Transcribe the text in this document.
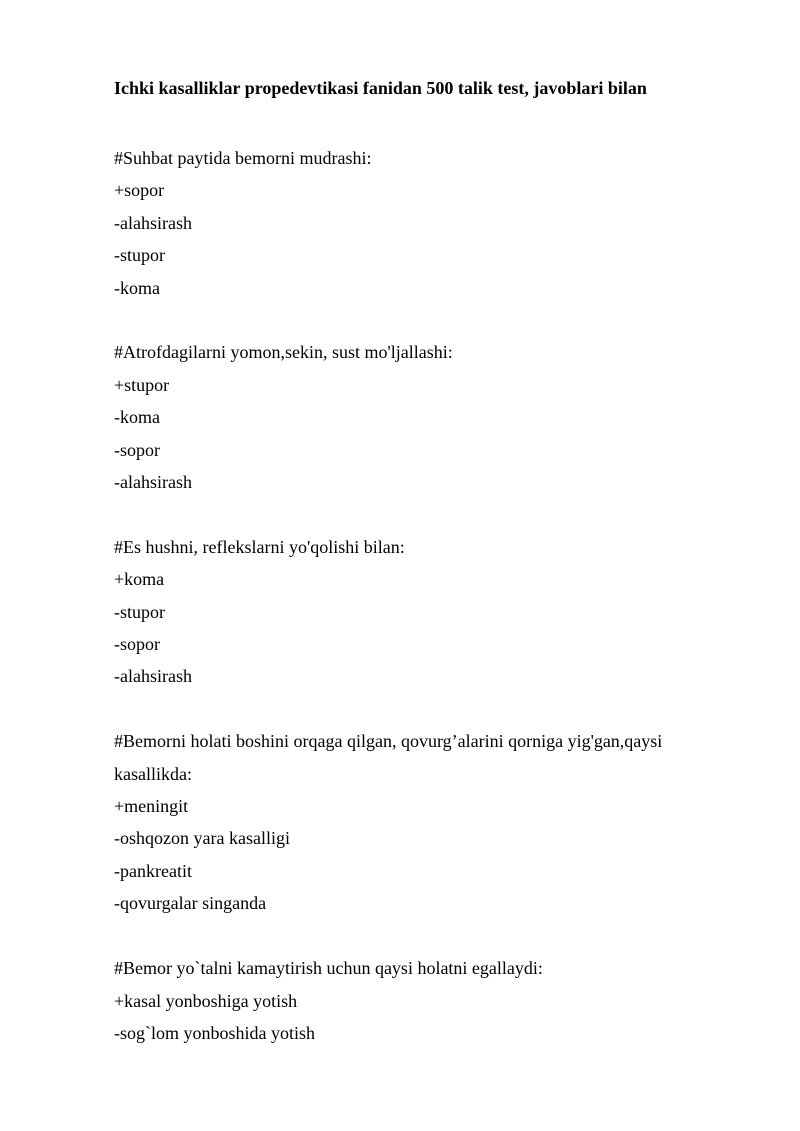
Ichki kasalliklar propedevtikasi fanidan 500 talik test, javoblari bilan

#Suhbat paytida bemorni mudrashi:

+sopor

-alahsirash

-stupor

-koma

#Atrofdagilarni yomon,sekin, sust mo'ljallashi:

+stupor

-koma

-sopor

-alahsirash

#Es hushni, reflekslarni yo'qolishi bilan:

+koma

-stupor

-sopor

-alahsirash

#Bemorni holati boshini orqaga qilgan, qovurg’alarini qorniga yig'gan,qaysi kasallikda:

+meningit

-oshqozon yara kasalligi

-pankreatit

-qovurgalar singanda

#Bemor yo`talni kamaytirish uchun qaysi holatni egallaydi:

+kasal yonboshiga yotish

-sog`lom yonboshida yotish
